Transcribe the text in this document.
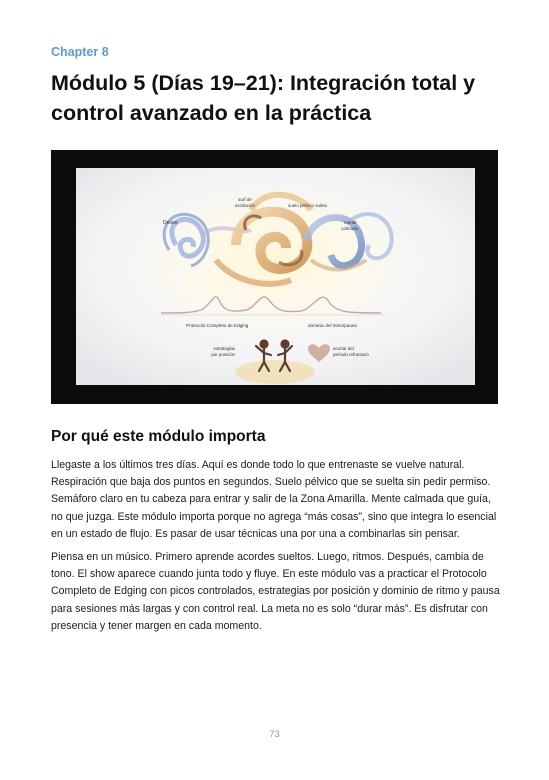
Chapter 8
Módulo 5 (Días 19–21): Integración total y control avanzado en la práctica
Deseo
surf de
excitación	suelo pélvico suleto
mente
calmada
Protocolo Completo de Edging	dominio del ritmo/pausa
estrategias
por posición
acortar del
período refractario
Por qué este módulo importa

Llegaste a los últimos tres días. Aquí es donde todo lo que entrenaste se vuelve natural. Respiración que baja dos puntos en segundos. Suelo pélvico que se suelta sin pedir permiso. Semáforo claro en tu cabeza para entrar y salir de la Zona Amarilla. Mente calmada que guía, no que juzga. Este módulo importa porque no agrega “más cosas”, sino que integra lo esencial en un estado de flujo. Es pasar de usar técnicas una por una a combinarlas sin pensar.

Piensa en un músico. Primero aprende acordes sueltos. Luego, ritmos. Después, cambia de tono. El show aparece cuando junta todo y fluye. En este módulo vas a practicar el Protocolo Completo de Edging con picos controlados, estrategias por posición y dominio de ritmo y pausa para sesiones más largas y con control real. La meta no es solo “durar más”. Es disfrutar con presencia y tener margen en cada momento.

73
